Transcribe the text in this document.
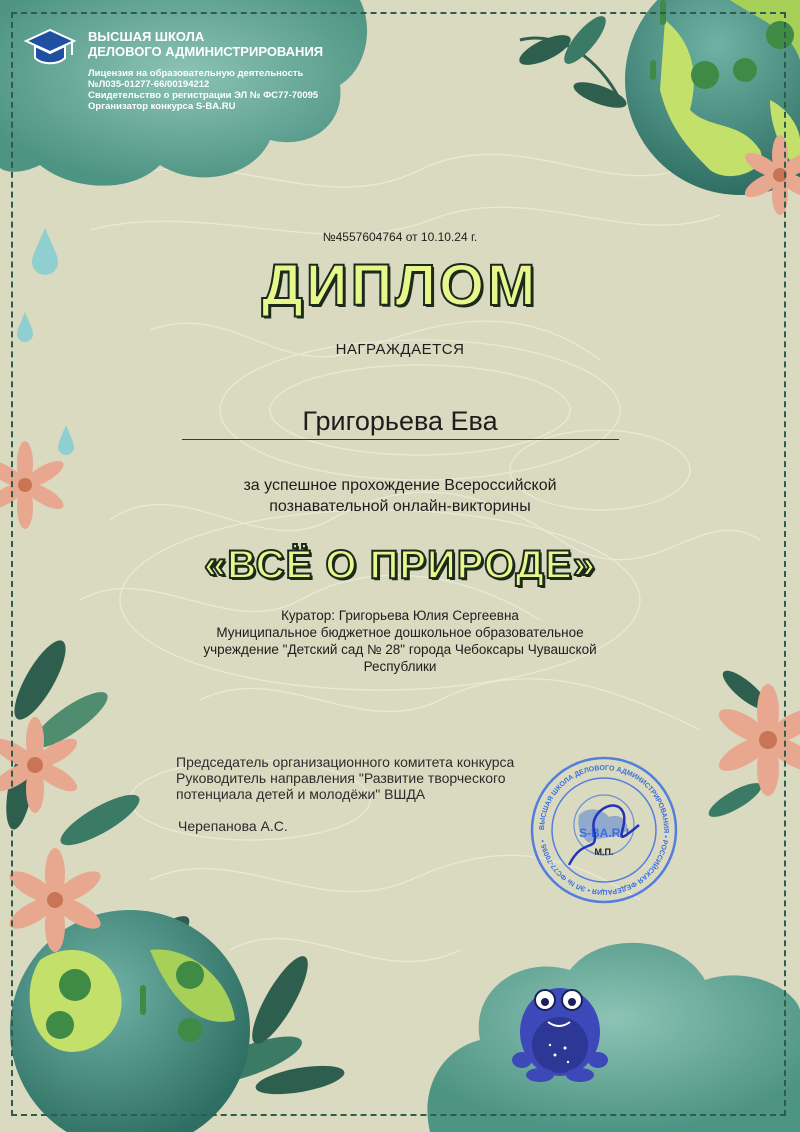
ВЫСШАЯ ШКОЛА
ДЕЛОВОГО АДМИНИСТРИРОВАНИЯ
Лицензия на образовательную деятельность
№Л035-01277-66/00194212
Свидетельство о регистрации ЭЛ № ФС77-70095
Организатор конкурса S-BA.RU
№4557604764 от 10.10.24 г.
ДИПЛОМ
НАГРАЖДАЕТСЯ
Григорьева Ева
за успешное прохождение Всероссийской
познавательной онлайн-викторины
«ВСЁ О ПРИРОДЕ»
Куратор: Григорьева Юлия Сергеевна
Муниципальное бюджетное дошкольное образовательное
учреждение "Детский сад № 28" города Чебоксары Чувашской
Республики
Председатель организационного комитета конкурса
Руководитель направления "Развитие творческого
потенциала детей и молодёжи" ВШДА
Черепанова А.С.	ВЫСШАЯ ШКОЛА ДЕЛОВОГО АДМИНИСТРИРОВАНИЯ • РОССИЙСКАЯ ФЕДЕРАЦИЯ • ЭЛ № ФС77-70095 •
S-BA.RU
М.П.
